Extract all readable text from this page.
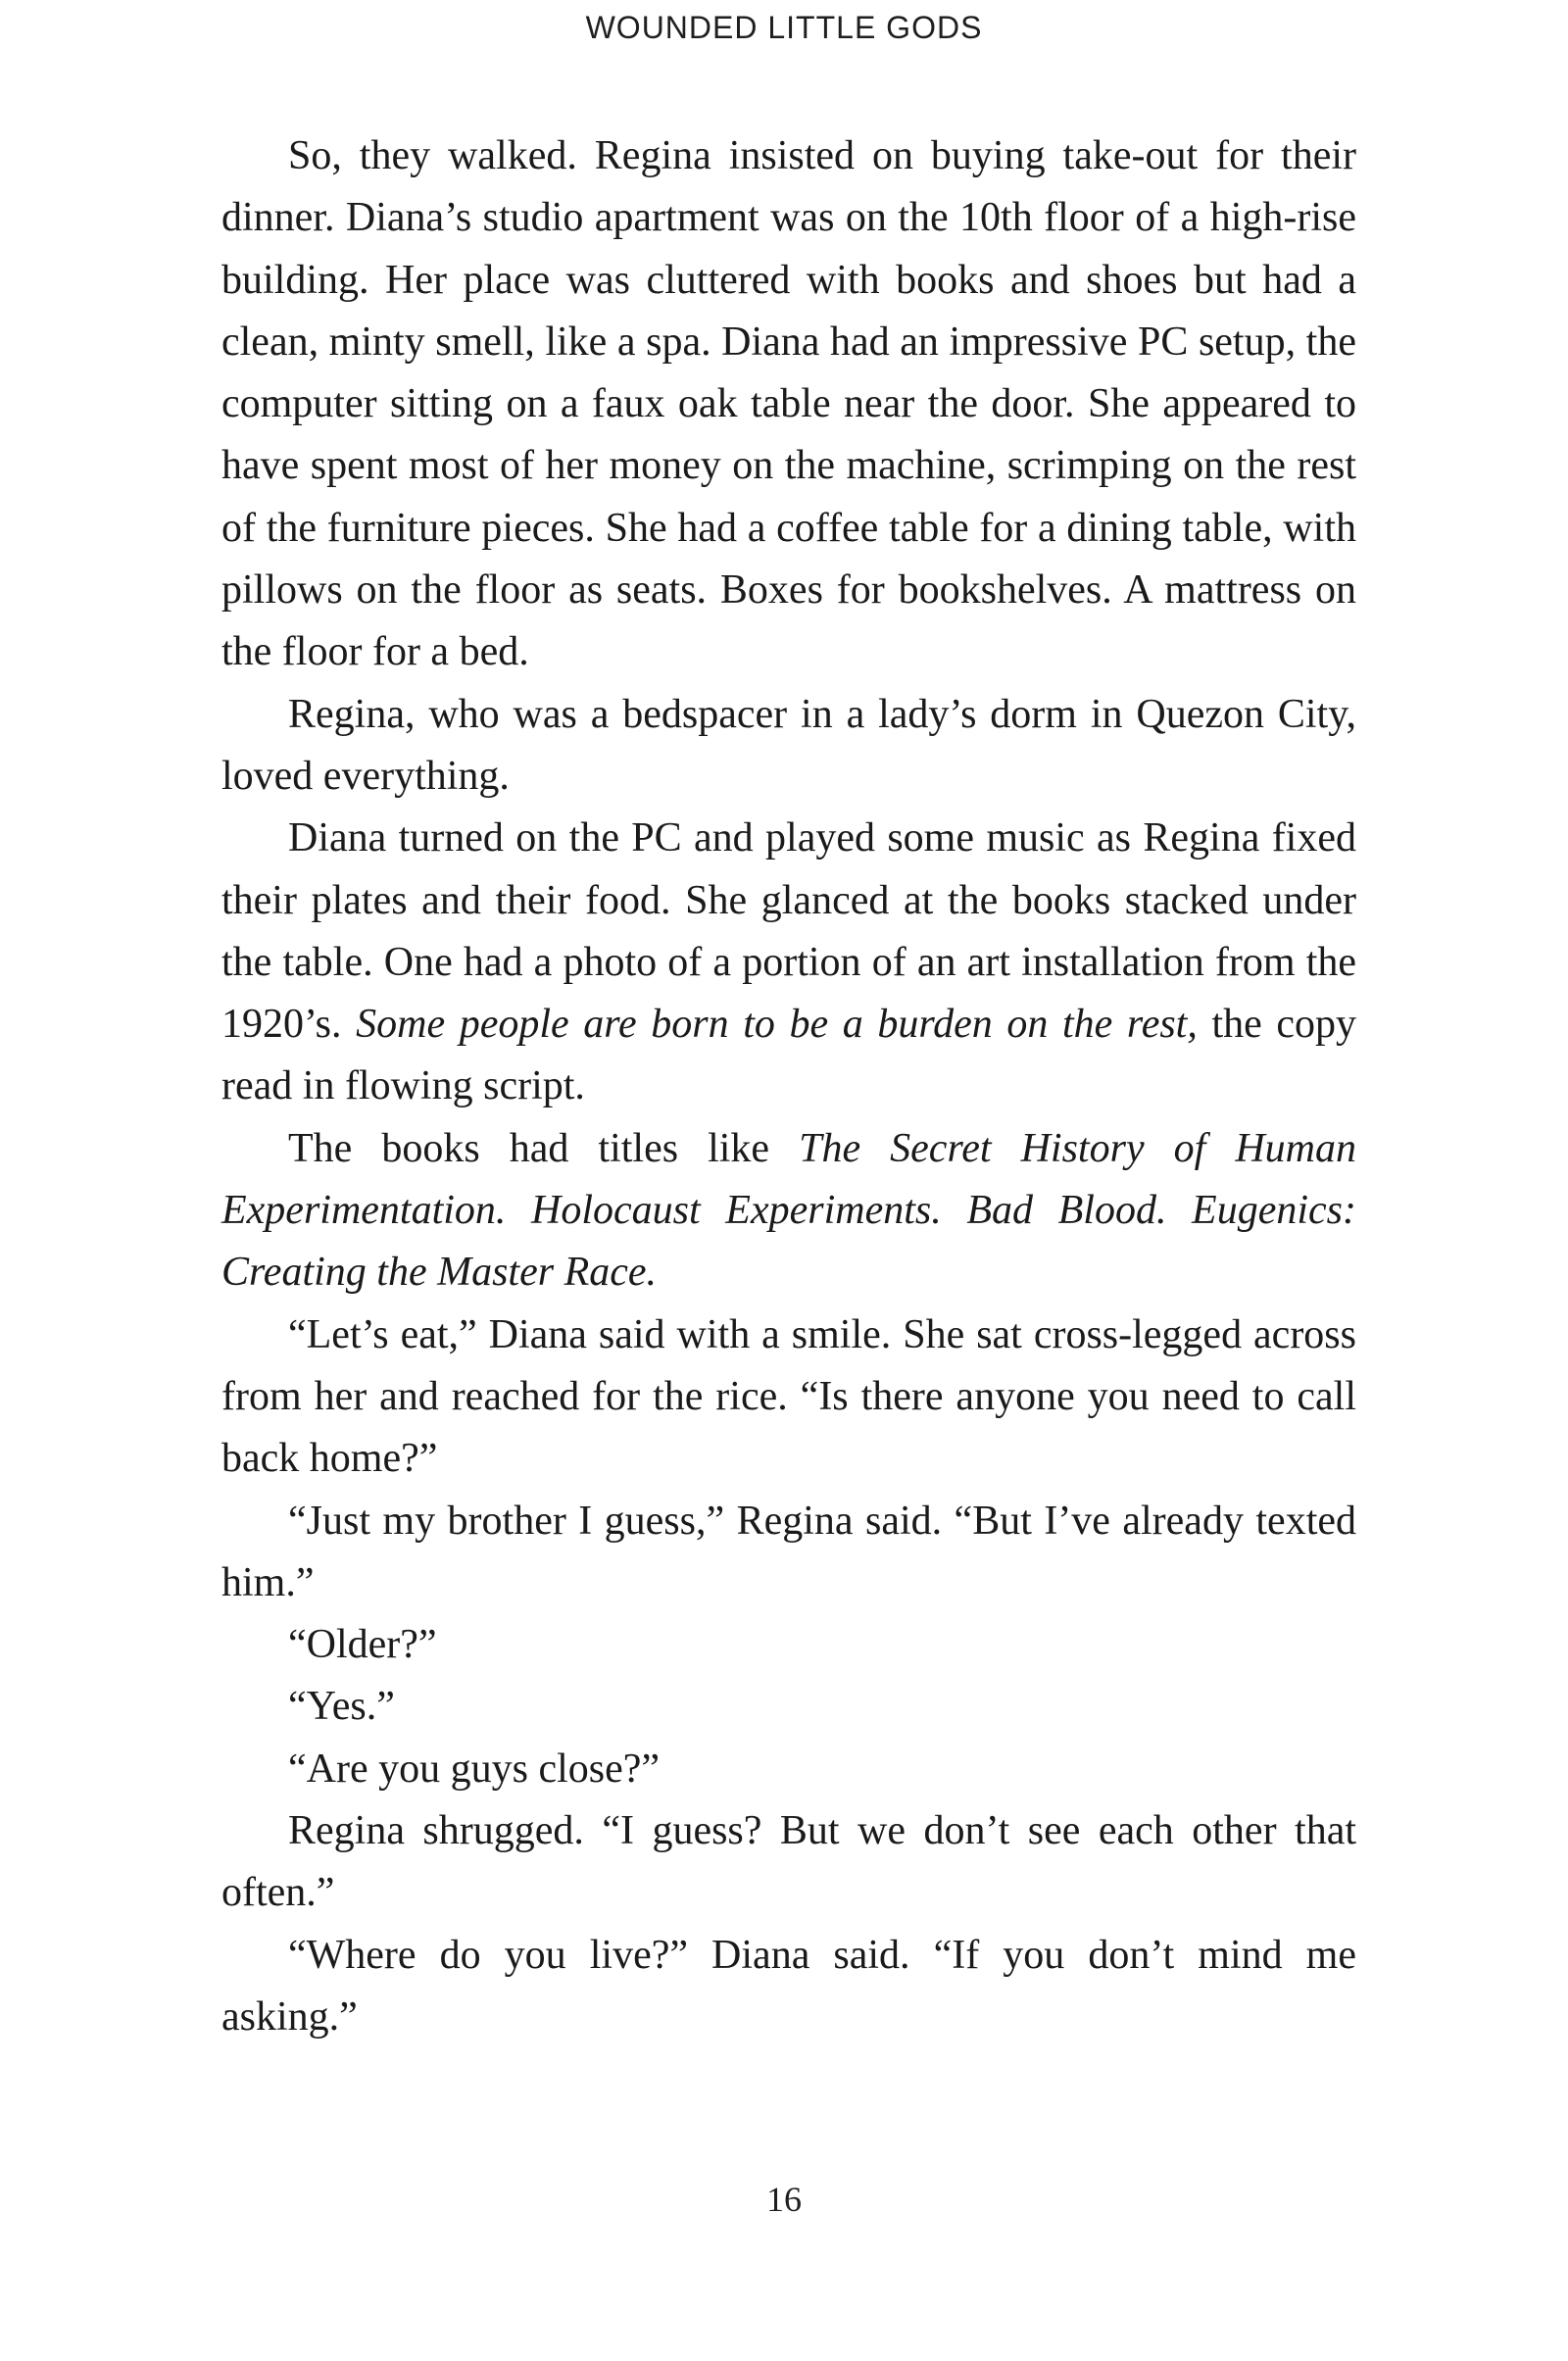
WOUNDED LITTLE GODS

So, they walked. Regina insisted on buying take-out for their dinner. Diana’s studio apartment was on the 10th floor of a high-rise building. Her place was cluttered with books and shoes but had a clean, minty smell, like a spa. Diana had an impressive PC setup, the computer sitting on a faux oak table near the door. She appeared to have spent most of her money on the machine, scrimping on the rest of the furniture pieces. She had a coffee table for a dining table, with pillows on the floor as seats. Boxes for bookshelves. A mattress on the floor for a bed.

Regina, who was a bedspacer in a lady’s dorm in Quezon City, loved everything.

Diana turned on the PC and played some music as Regina fixed their plates and their food. She glanced at the books stacked under the table. One had a photo of a portion of an art installation from the 1920’s. Some people are born to be a burden on the rest, the copy read in flowing script.

The books had titles like The Secret History of Human Experimentation. Holocaust Experiments. Bad Blood. Eugenics: Creating the Master Race.

“Let’s eat,” Diana said with a smile. She sat cross-legged across from her and reached for the rice. “Is there anyone you need to call back home?”

“Just my brother I guess,” Regina said. “But I’ve already texted him.”

“Older?”

“Yes.”

“Are you guys close?”

Regina shrugged. “I guess? But we don’t see each other that often.”

“Where do you live?” Diana said. “If you don’t mind me asking.”

16
